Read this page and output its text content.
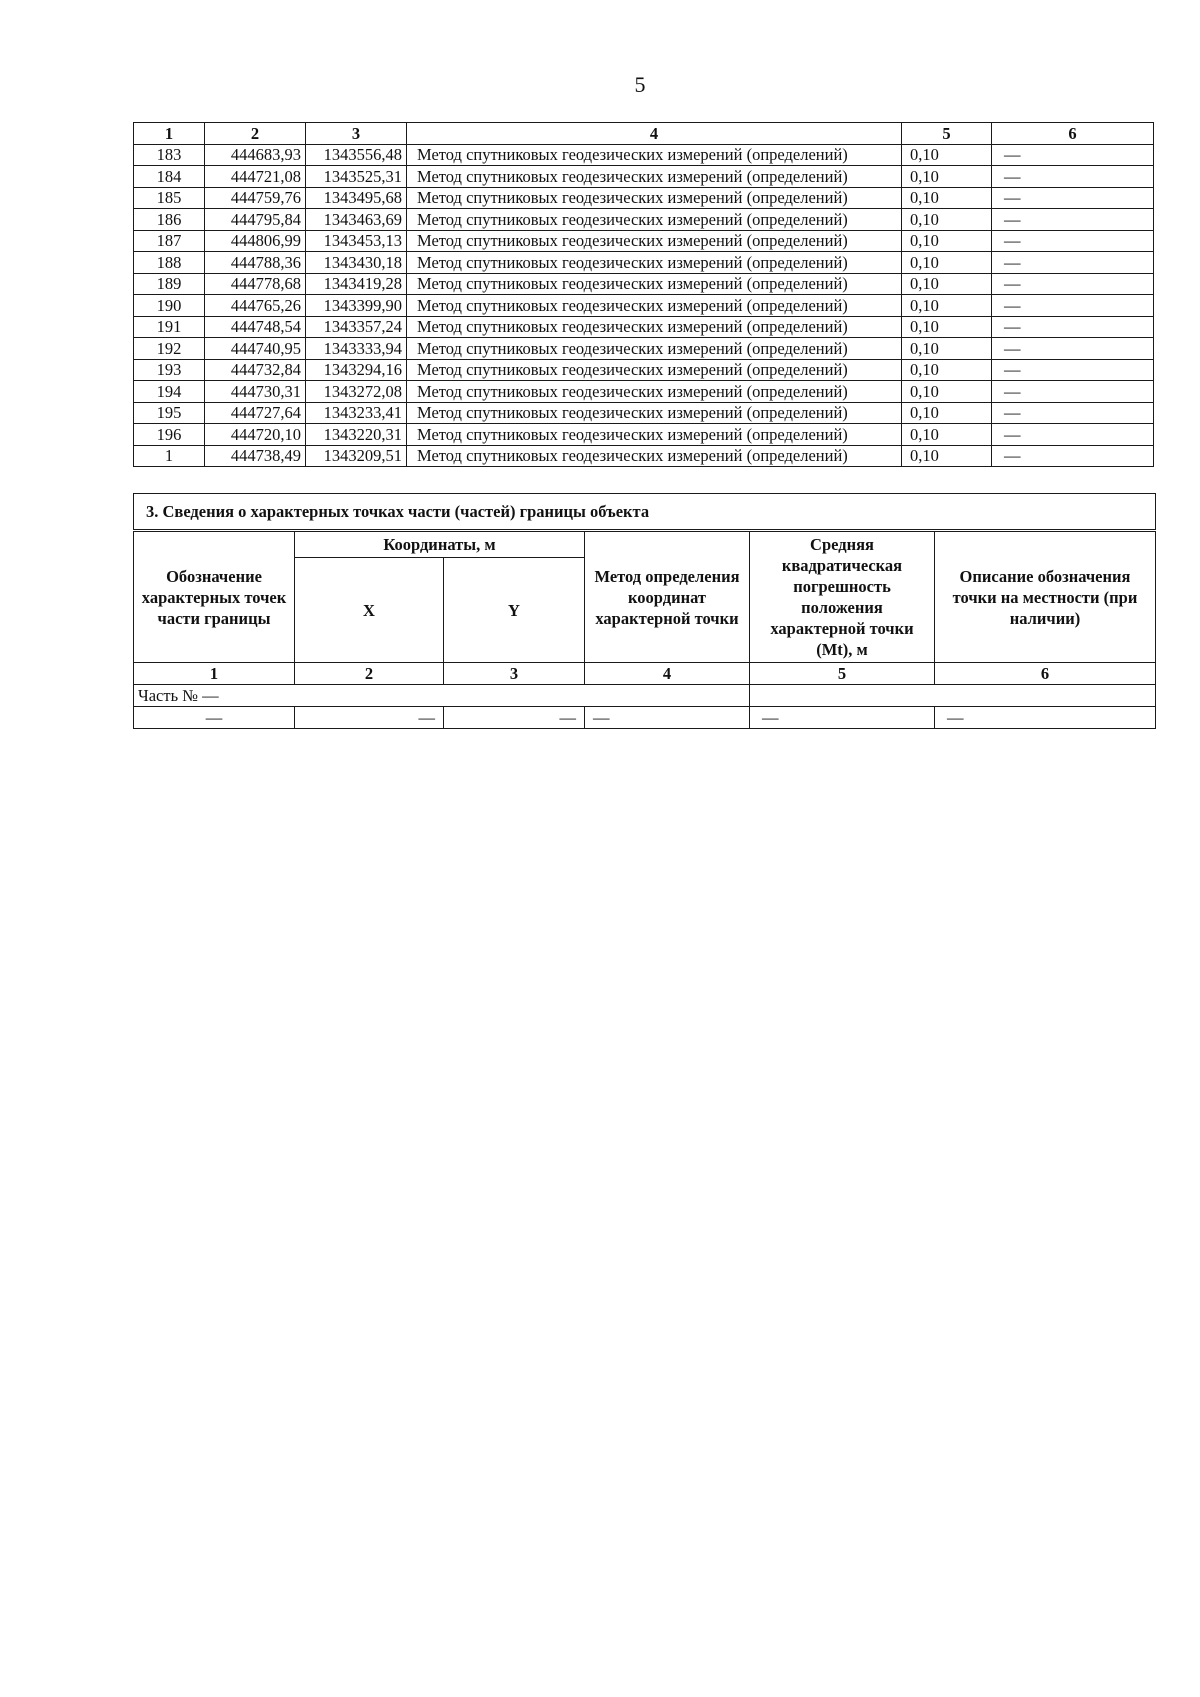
5
1	2	3	4	5	6
183	444683,93	1343556,48	Метод спутниковых геодезических измерений (определений)	0,10	—
184	444721,08	1343525,31	Метод спутниковых геодезических измерений (определений)	0,10	—
185	444759,76	1343495,68	Метод спутниковых геодезических измерений (определений)	0,10	—
186	444795,84	1343463,69	Метод спутниковых геодезических измерений (определений)	0,10	—
187	444806,99	1343453,13	Метод спутниковых геодезических измерений (определений)	0,10	—
188	444788,36	1343430,18	Метод спутниковых геодезических измерений (определений)	0,10	—
189	444778,68	1343419,28	Метод спутниковых геодезических измерений (определений)	0,10	—
190	444765,26	1343399,90	Метод спутниковых геодезических измерений (определений)	0,10	—
191	444748,54	1343357,24	Метод спутниковых геодезических измерений (определений)	0,10	—
192	444740,95	1343333,94	Метод спутниковых геодезических измерений (определений)	0,10	—
193	444732,84	1343294,16	Метод спутниковых геодезических измерений (определений)	0,10	—
194	444730,31	1343272,08	Метод спутниковых геодезических измерений (определений)	0,10	—
195	444727,64	1343233,41	Метод спутниковых геодезических измерений (определений)	0,10	—
196	444720,10	1343220,31	Метод спутниковых геодезических измерений (определений)	0,10	—
1	444738,49	1343209,51	Метод спутниковых геодезических измерений (определений)	0,10	—
3. Сведения о характерных точках части (частей) границы объекта					
Обозначение характерных точек части границы	Координаты, м		Метод определения координат характерной точки	Средняя квадратическая погрешность положения характерной точки (Mt), м	Описание обозначения точки на местности (при наличии)
	X	Y			
1	2	3	4	5	6
Часть № —					
—	—	—	—	—	—
